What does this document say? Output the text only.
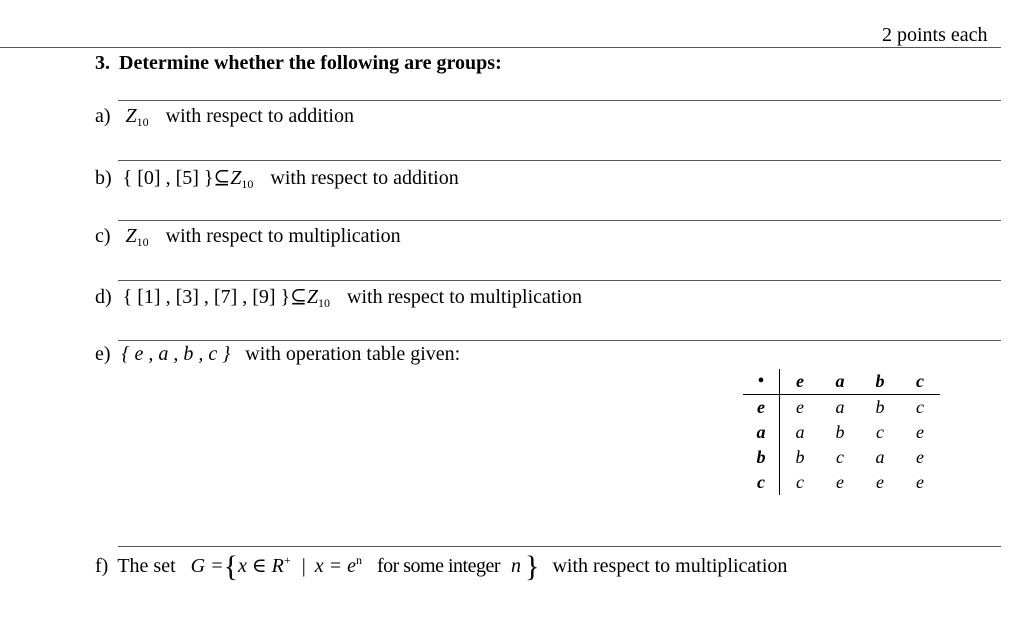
2 points each
3. Determine whether the following are groups:
a) $Z_{10}$ with respect to addition
b) { [0] , [5] }$⊆Z_{10}$ with respect to addition
c) $Z_{10}$ with respect to multiplication
d) { [1] , [3] , [7] , [9] }$⊆Z_{10}$ with respect to multiplication
e) { e , a , b , c } with operation table given:
•	e	a	b	c
e	e	a	b	c
a	a	b	c	e
b	b	c	a	e
c	c	e	e	e
f) The set G ={x ∈ R+ | $x = e^n$ for some integer n } with respect to multiplication
